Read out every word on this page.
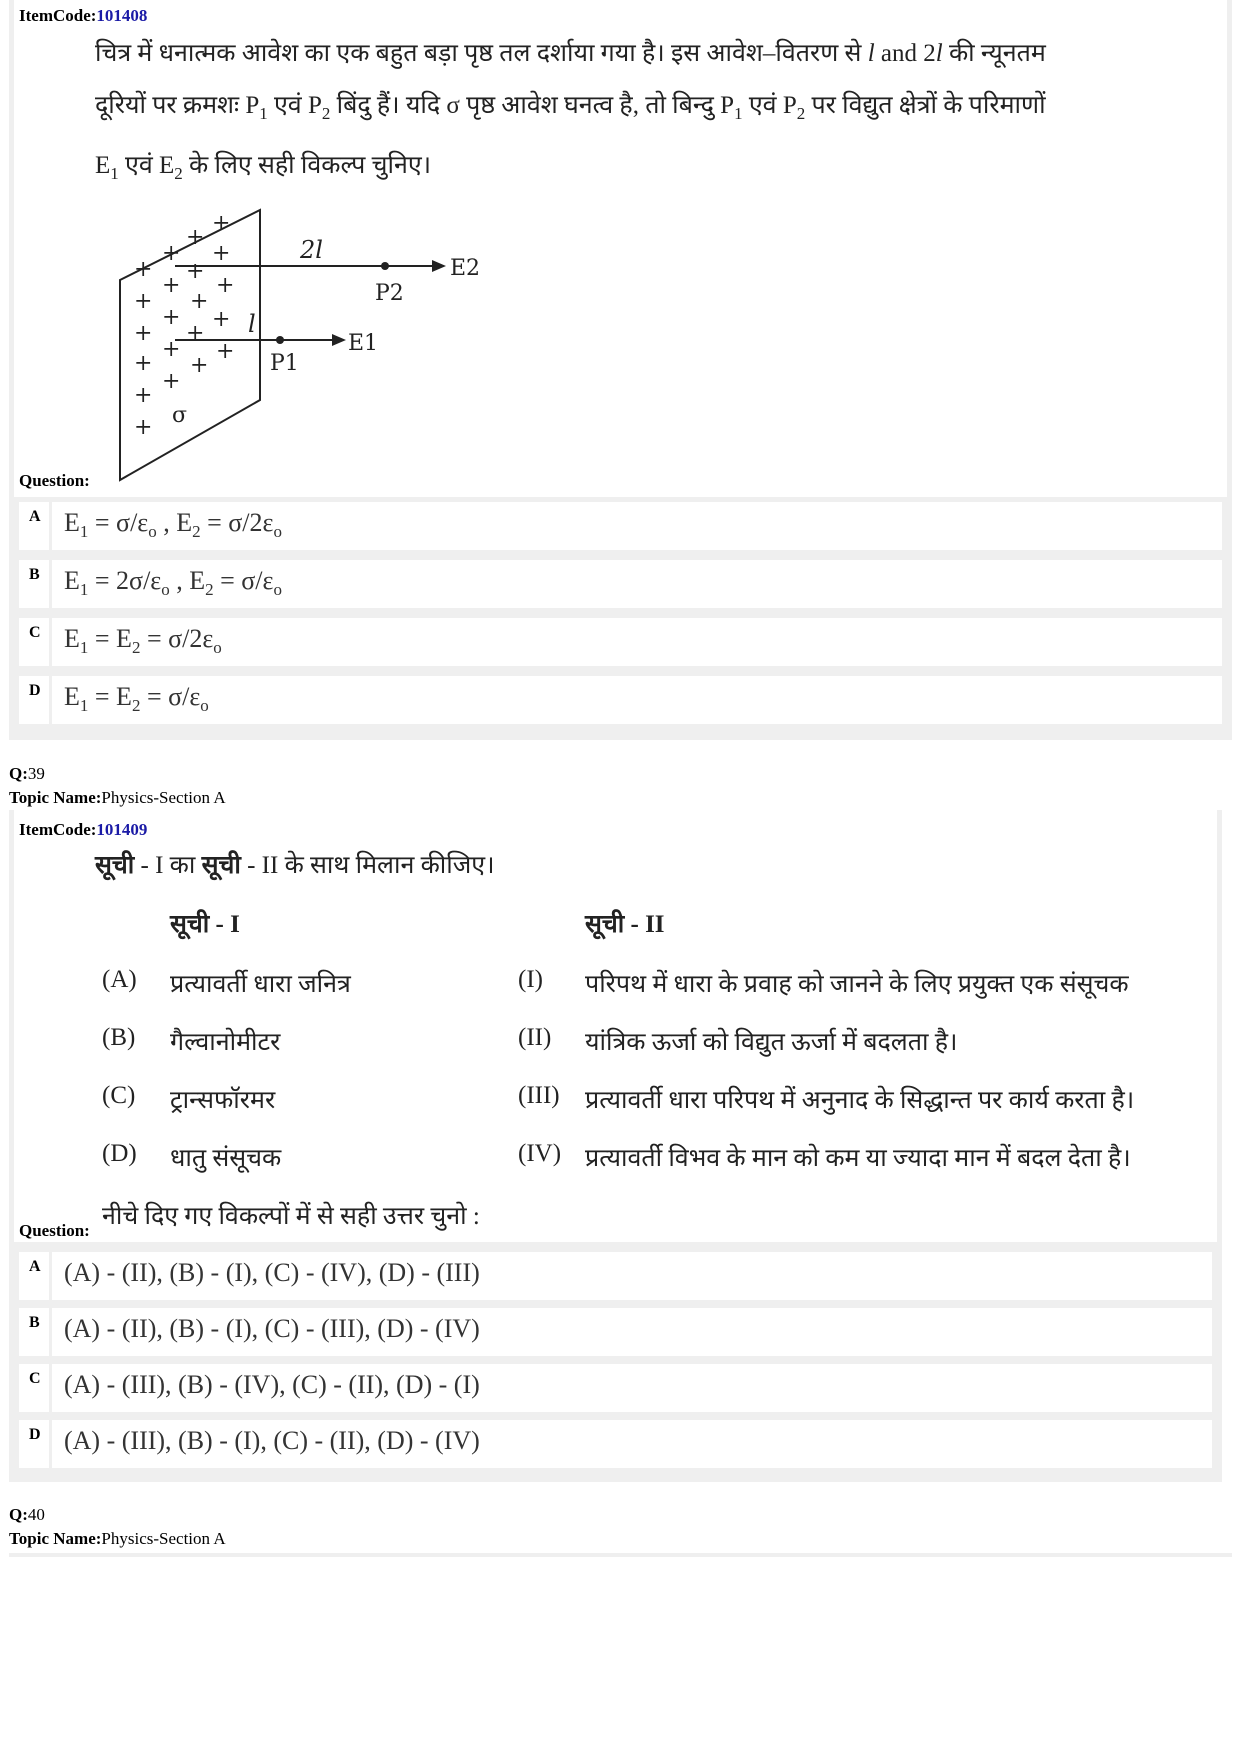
ItemCode:101408
चित्र में धनात्मक आवेश का एक बहुत बड़ा पृष्ठ तल दर्शाया गया है। इस आवेश–वितरण से l and 2l की न्यूनतम
दूरियों पर क्रमशः $P_1$ एवं $P_2$ बिंदु हैं। यदि σ पृष्ठ आवेश घनत्व है, तो बिन्दु $P_1$ एवं $P_2$ पर विद्युत क्षेत्रों के परिमाणों
$E_1$ एवं $E_2$ के लिए सही विकल्प चुनिए।
+
+
+
+
+
+
+
+
+
+
+
+
+
+
+
+
+
+
+
+
+ σ
2l
P2
E2
l
P1
E1
Question:
A $E_1 = \sigma/\varepsilon_o$ , $E_2 = \sigma/2\varepsilon_o$
B $E_1 = 2\sigma/\varepsilon_o$ , $E_2 = \sigma/\varepsilon_o$
C $E_1 = E_2 = \sigma/2\varepsilon_o$
D $E_1 = E_2 = \sigma/\varepsilon_o$
Q:39
Topic Name:Physics-Section A
ItemCode:101409
सूची - I का सूची - II के साथ मिलान कीजिए।
सूची - I	सूची - II
(A) प्रत्यावर्ती धारा जनित्र	(I) परिपथ में धारा के प्रवाह को जानने के लिए प्रयुक्त एक संसूचक
(B) गैल्वानोमीटर	(II) यांत्रिक ऊर्जा को विद्युत ऊर्जा में बदलता है।
(C) ट्रान्सफॉरमर	(III) प्रत्यावर्ती धारा परिपथ में अनुनाद के सिद्धान्त पर कार्य करता है।
(D) धातु संसूचक	(IV) प्रत्यावर्ती विभव के मान को कम या ज्यादा मान में बदल देता है।
नीचे दिए गए विकल्पों में से सही उत्तर चुनो :
Question:
A (A) - (II), (B) - (I), (C) - (IV), (D) - (III)
B (A) - (II), (B) - (I), (C) - (III), (D) - (IV)
C (A) - (III), (B) - (IV), (C) - (II), (D) - (I)
D (A) - (III), (B) - (I), (C) - (II), (D) - (IV)
Q:40
Topic Name:Physics-Section A
